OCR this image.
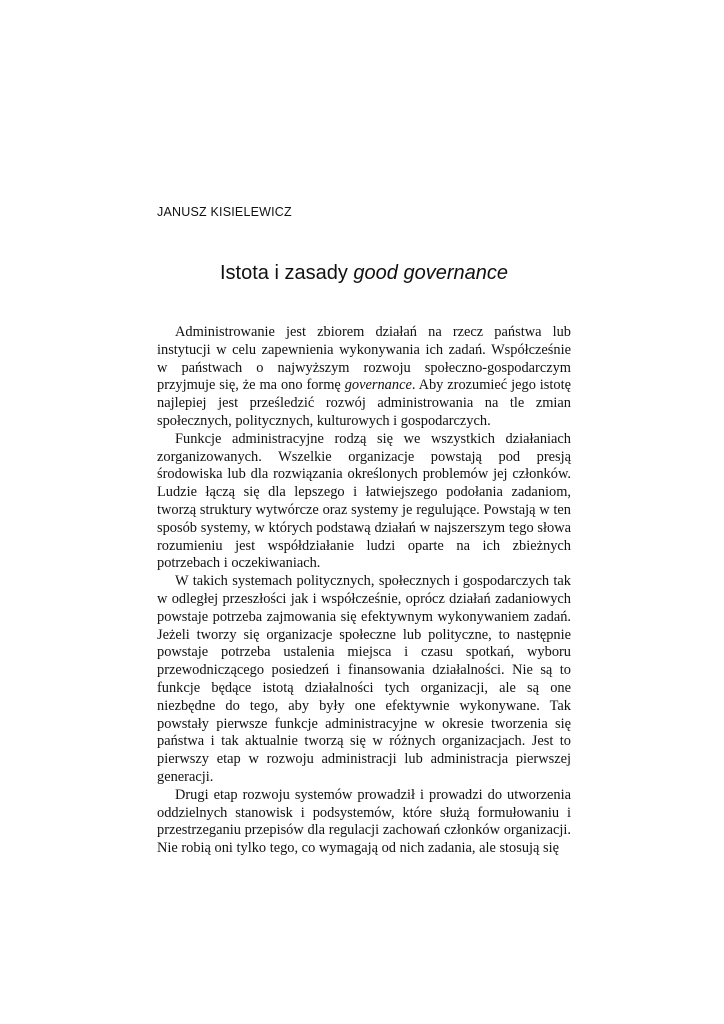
JANUSZ KISIELEWICZ

Istota i zasady good governance

Administrowanie jest zbiorem działań na rzecz państwa lub instytucji w celu zapewnienia wykonywania ich zadań. Współcześnie w państwach o najwyższym rozwoju społeczno-gospodarczym przyjmuje się, że ma ono formę governance. Aby zrozumieć jego istotę najlepiej jest prześledzić rozwój administrowania na tle zmian społecznych, politycznych, kulturowych i gospodarczych.

Funkcje administracyjne rodzą się we wszystkich działaniach zorganizowanych. Wszelkie organizacje powstają pod presją środowiska lub dla rozwiązania określonych problemów jej członków. Ludzie łączą się dla lepszego i łatwiejszego podołania zadaniom, tworzą struktury wytwórcze oraz systemy je regulujące. Powstają w ten sposób systemy, w których podstawą działań w najszerszym tego słowa rozumieniu jest współdziałanie ludzi oparte na ich zbieżnych potrzebach i oczekiwaniach.

W takich systemach politycznych, społecznych i gospodarczych tak w odległej przeszłości jak i współcześnie, oprócz działań zadaniowych powstaje potrzeba zajmowania się efektywnym wykonywaniem zadań. Jeżeli tworzy się organizacje społeczne lub polityczne, to następnie powstaje potrzeba ustalenia miejsca i czasu spotkań, wyboru przewodniczącego posiedzeń i finansowania działalności. Nie są to funkcje będące istotą działalności tych organizacji, ale są one niezbędne do tego, aby były one efektywnie wykonywane. Tak powstały pierwsze funkcje administracyjne w okresie tworzenia się państwa i tak aktualnie tworzą się w różnych organizacjach. Jest to pierwszy etap w rozwoju administracji lub administracja pierwszej generacji.

Drugi etap rozwoju systemów prowadził i prowadzi do utworzenia oddzielnych stanowisk i podsystemów, które służą formułowaniu i przestrzeganiu przepisów dla regulacji zachowań członków organizacji. Nie robią oni tylko tego, co wymagają od nich zadania, ale stosują się
